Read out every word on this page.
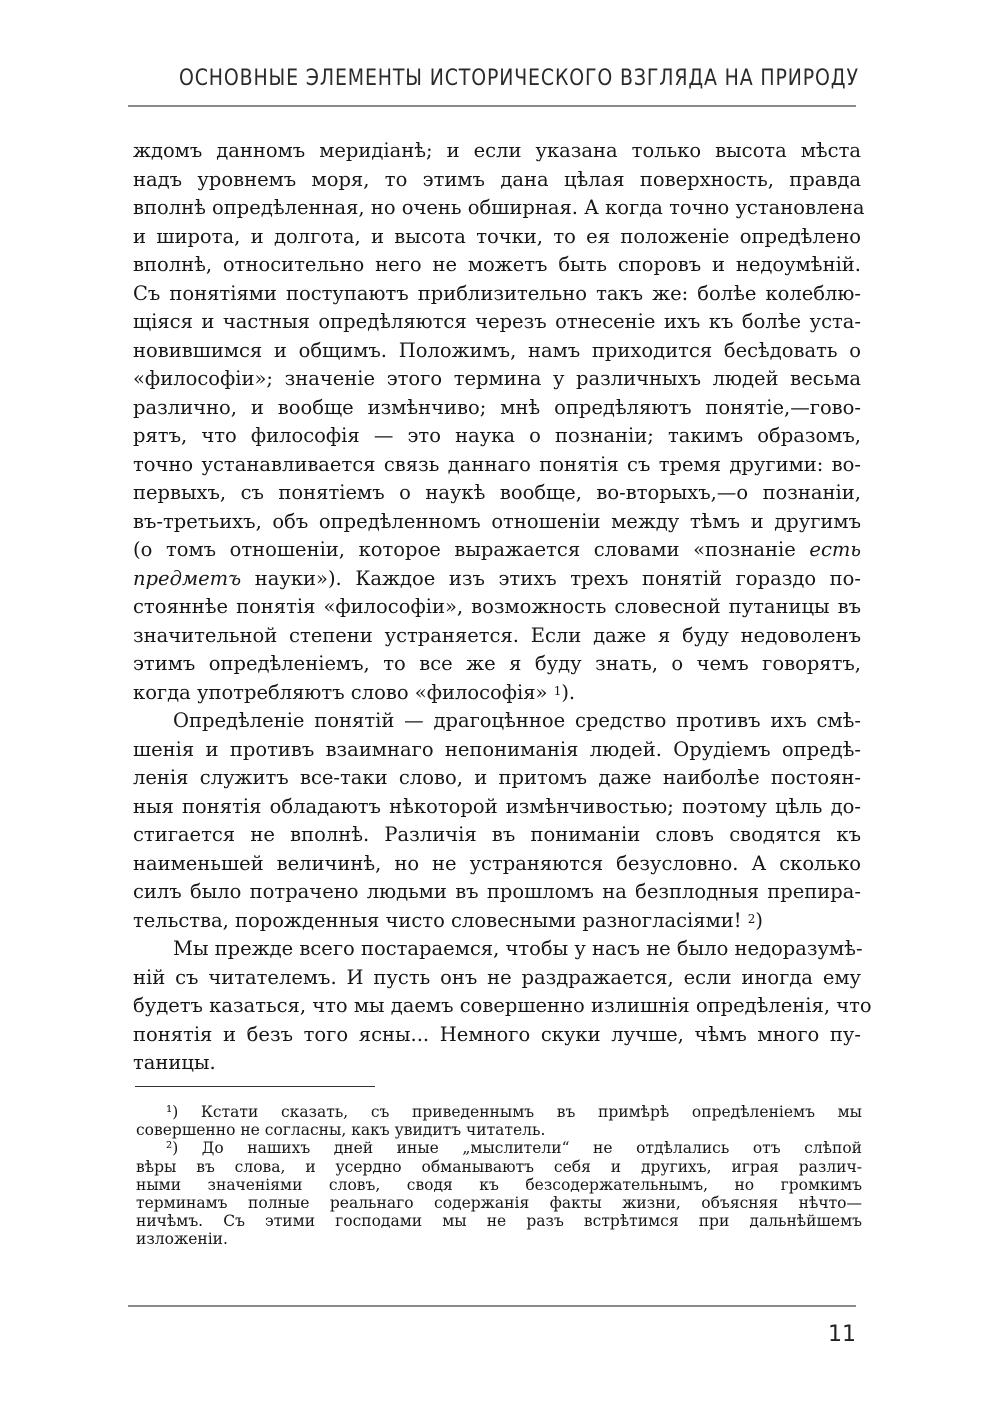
ОСНОВНЫЕ ЭЛЕМЕНТЫ ИСТОРИЧЕСКОГО ВЗГЛЯДА НА ПРИРОДУ
ждомъ данномъ меридіанѣ; и если указана только высота мѣста
надъ уровнемъ моря, то этимъ дана цѣлая поверхность, правда
вполнѣ опредѣленная, но очень обширная. А когда точно установлена
и широта, и долгота, и высота точки, то ея положеніе опредѣлено
вполнѣ, относительно него не можетъ быть споровъ и недоумѣній.
Съ понятіями поступаютъ приблизительно такъ же: болѣе колеблю-
щіяся и частныя опредѣляются черезъ отнесеніе ихъ къ болѣе уста-
новившимся и общимъ. Положимъ, намъ приходится бесѣдовать о
«философіи»; значеніе этого термина у различныхъ людей весьма
различно, и вообще измѣнчиво; мнѣ опредѣляютъ понятіе,—гово-
рятъ, что философія — это наука о познаніи; такимъ образомъ,
точно устанавливается связь даннаго понятія съ тремя другими: во-
первыхъ, съ понятіемъ о наукѣ вообще, во-вторыхъ,—о познаніи,
въ-третьихъ, объ опредѣленномъ отношеніи между тѣмъ и другимъ
(о томъ отношеніи, которое выражается словами «познаніе есть
предметъ науки»). Каждое изъ этихъ трехъ понятій гораздо по-
стояннѣе понятія «философіи», возможность словесной путаницы въ
значительной степени устраняется. Если даже я буду недоволенъ
этимъ опредѣленіемъ, то все же я буду знать, о чемъ говорятъ,
когда употребляютъ слово «философія» $^1$).
Опредѣленіе понятій — драгоцѣнное средство противъ ихъ смѣ-
шенія и противъ взаимнаго непониманія людей. Орудіемъ опредѣ-
ленія служитъ все-таки слово, и притомъ даже наиболѣе постоян-
ныя понятія обладаютъ нѣкоторой измѣнчивостью; поэтому цѣль до-
стигается не вполнѣ. Различія въ пониманіи словъ сводятся къ
наименьшей величинѣ, но не устраняются безусловно. А сколько
силъ было потрачено людьми въ прошломъ на безплодныя препира-
тельства, порожденныя чисто словесными разногласіями! $^2$)
Мы прежде всего постараемся, чтобы у насъ не было недоразумѣ-
ній съ читателемъ. И пусть онъ не раздражается, если иногда ему
будетъ казаться, что мы даемъ совершенно излишнія опредѣленія, что
понятія и безъ того ясны... Немного скуки лучше, чѣмъ много пу-
таницы.
¹) Кстати сказать, съ приведеннымъ въ примѣрѣ опредѣленіемъ мы
совершенно не согласны, какъ увидитъ читатель.
²) До нашихъ дней иные „мыслители“ не отдѣлались отъ слѣпой
вѣры въ слова, и усердно обманываютъ себя и другихъ, играя различ-
ными значеніями словъ, сводя къ безсодержательнымъ, но громкимъ
терминамъ полные реальнаго содержанія факты жизни, объясняя нѣчто—
ничѣмъ. Съ этими господами мы не разъ встрѣтимся при дальнѣйшемъ
изложеніи.
11
